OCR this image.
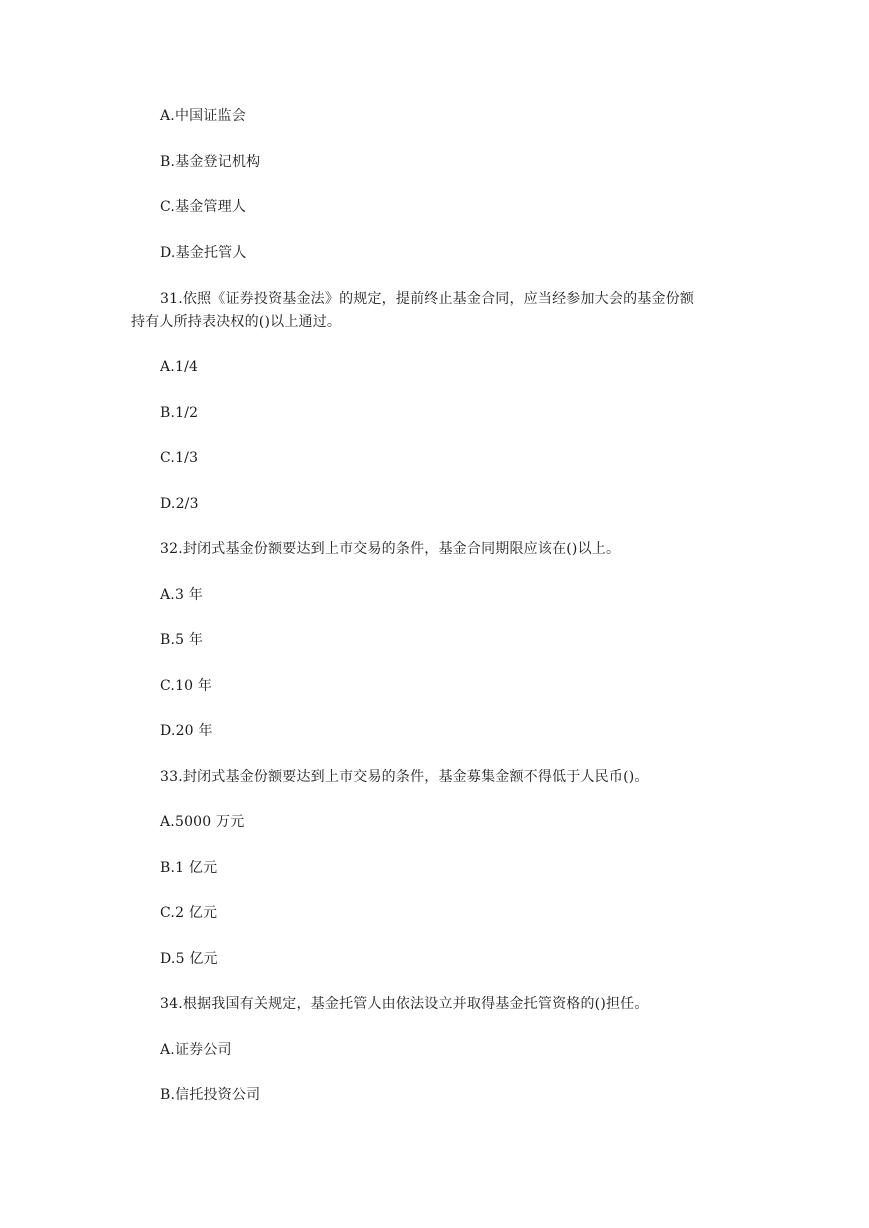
A.中国证监会
B.基金登记机构
C.基金管理人
D.基金托管人
31.依照《证券投资基金法》的规定，提前终止基金合同，应当经参加大会的基金份额
持有人所持表决权的()以上通过。
A.1/4
B.1/2
C.1/3
D.2/3
32.封闭式基金份额要达到上市交易的条件，基金合同期限应该在()以上。
A.3 年
B.5 年
C.10 年
D.20 年
33.封闭式基金份额要达到上市交易的条件，基金募集金额不得低于人民币()。
A.5000 万元
B.1 亿元
C.2 亿元
D.5 亿元
34.根据我国有关规定，基金托管人由依法设立并取得基金托管资格的()担任。
A.证券公司
B.信托投资公司
